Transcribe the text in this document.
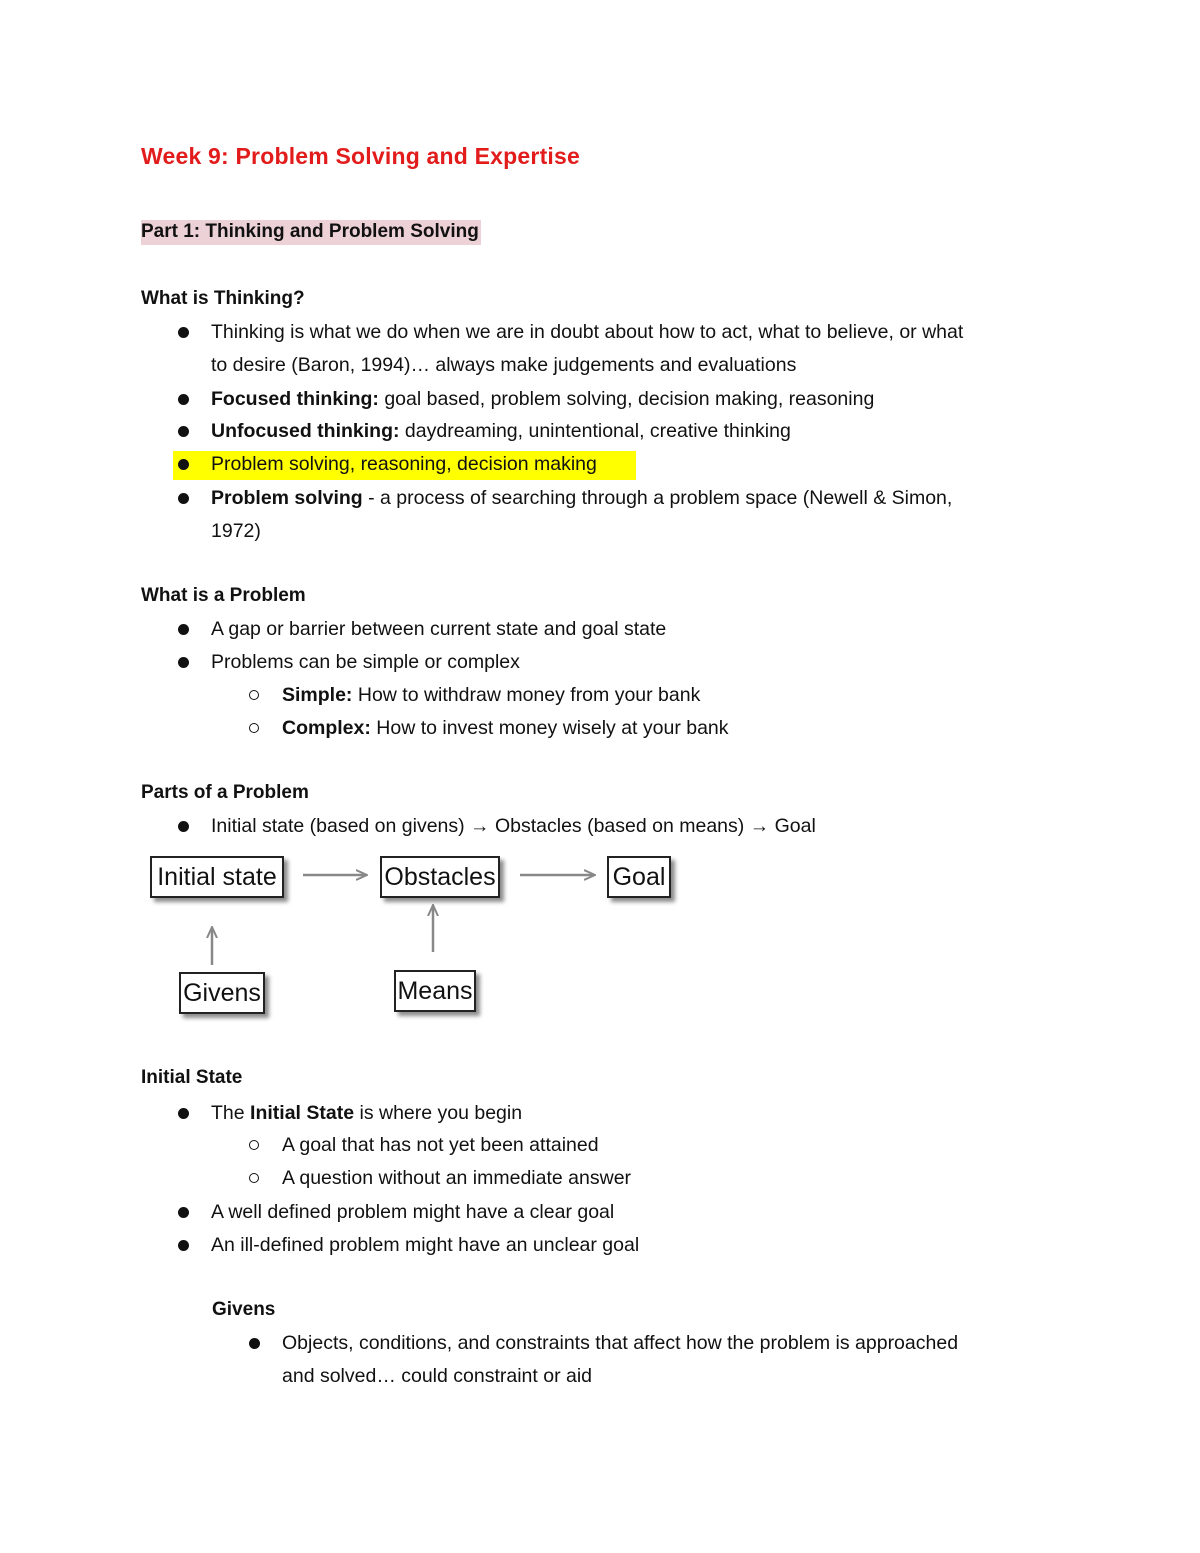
Week 9: Problem Solving and Expertise
Part 1: Thinking and Problem Solving
What is Thinking?
Thinking is what we do when we are in doubt about how to act, what to believe, or what
to desire (Baron, 1994)… always make judgements and evaluations
Focused thinking: goal based, problem solving, decision making, reasoning
Unfocused thinking: daydreaming, unintentional, creative thinking
Problem solving, reasoning, decision making
Problem solving - a process of searching through a problem space (Newell & Simon,
1972)
What is a Problem
A gap or barrier between current state and goal state
Problems can be simple or complex
Simple: How to withdraw money from your bank
Complex: How to invest money wisely at your bank
Parts of a Problem
Initial state (based on givens) → Obstacles (based on means) → Goal
Initial state	Obstacles	Goal
Givens	Means
Initial State
The Initial State is where you begin
A goal that has not yet been attained
A question without an immediate answer
A well defined problem might have a clear goal
An ill-defined problem might have an unclear goal
Givens
Objects, conditions, and constraints that affect how the problem is approached
and solved… could constraint or aid
